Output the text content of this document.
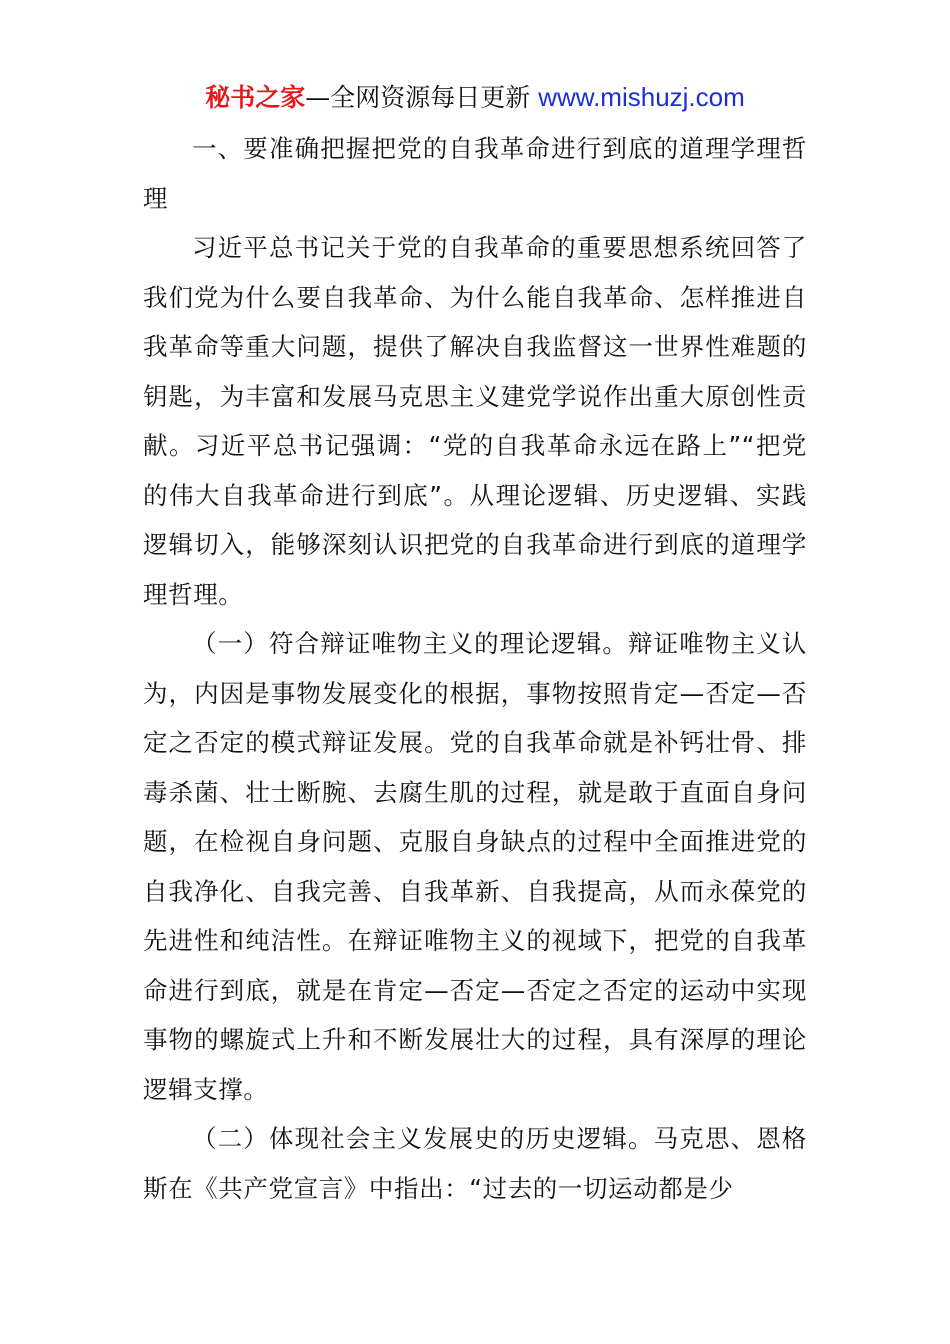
秘书之家—全网资源每日更新 www.mishuzj.com

一、要准确把握把党的自我革命进行到底的道理学理哲理

习近平总书记关于党的自我革命的重要思想系统回答了我们党为什么要自我革命、为什么能自我革命、怎样推进自我革命等重大问题，提供了解决自我监督这一世界性难题的钥匙，为丰富和发展马克思主义建党学说作出重大原创性贡献。习近平总书记强调：“党的自我革命永远在路上”“把党的伟大自我革命进行到底”。从理论逻辑、历史逻辑、实践逻辑切入，能够深刻认识把党的自我革命进行到底的道理学理哲理。

（一）符合辩证唯物主义的理论逻辑。辩证唯物主义认为，内因是事物发展变化的根据，事物按照肯定—否定—否定之否定的模式辩证发展。党的自我革命就是补钙壮骨、排毒杀菌、壮士断腕、去腐生肌的过程，就是敢于直面自身问题，在检视自身问题、克服自身缺点的过程中全面推进党的自我净化、自我完善、自我革新、自我提高，从而永葆党的先进性和纯洁性。在辩证唯物主义的视域下，把党的自我革命进行到底，就是在肯定—否定—否定之否定的运动中实现事物的螺旋式上升和不断发展壮大的过程，具有深厚的理论逻辑支撑。

（二）体现社会主义发展史的历史逻辑。马克思、恩格斯在《共产党宣言》中指出：“过去的一切运动都是少
